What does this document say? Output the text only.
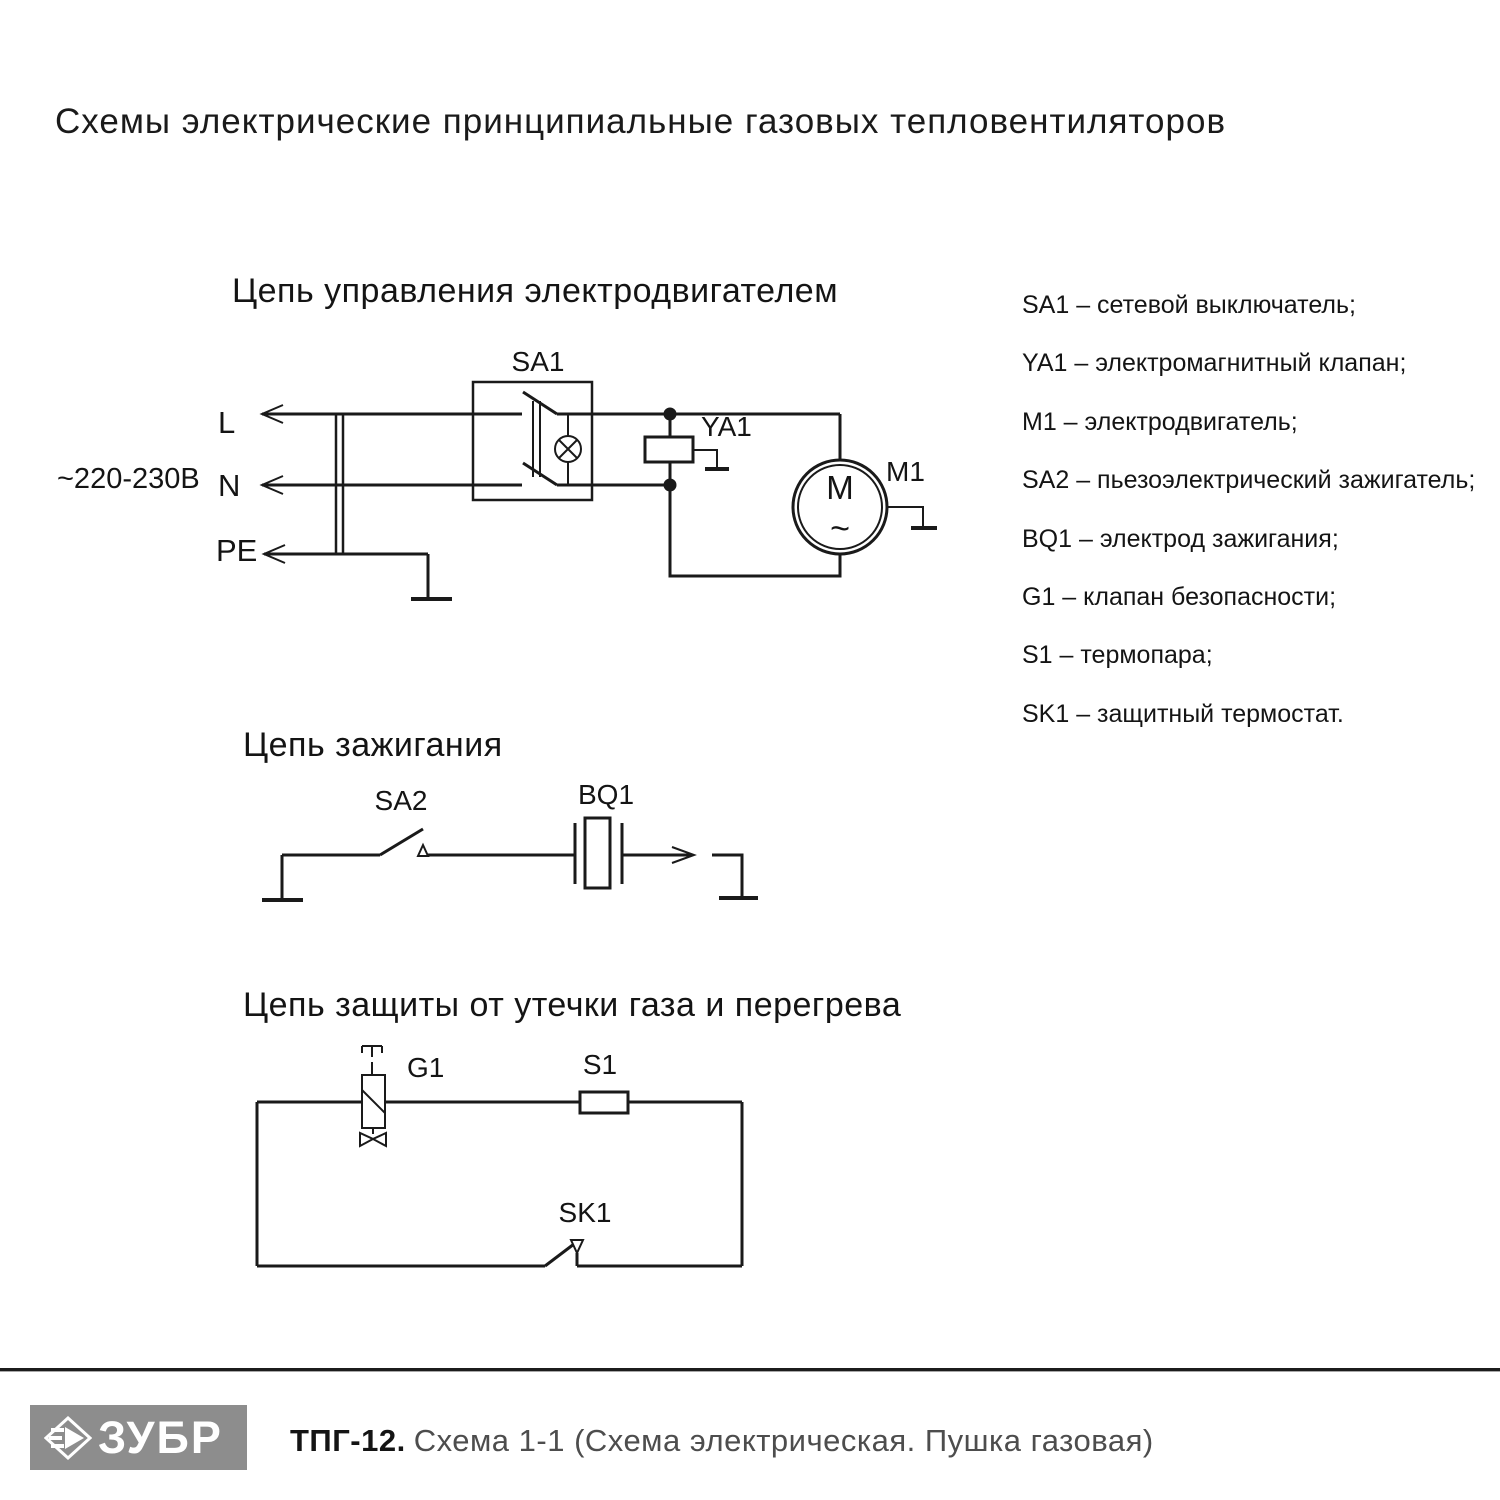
Схемы электрические принципиальные газовых тепловентиляторов
Цепь управления электродвигателем
Цепь зажигания
Цепь защиты от утечки газа и перегрева
SA1 – сетевой выключатель;
YA1 – электромагнитный клапан;
M1 – электродвигатель;
SA2 – пьезоэлектрический зажигатель;
BQ1 – электрод зажигания;
G1 – клапан безопасности;
S1 – термопара;
SK1 – защитный термостат.
~220-230В
L
N
PE
SA1
YA1
M
~
M1
SA2	BQ1
G1	S1
SK1
ЗУБР ТПГ-12. Схема 1-1 (Схема электрическая. Пушка газовая)
